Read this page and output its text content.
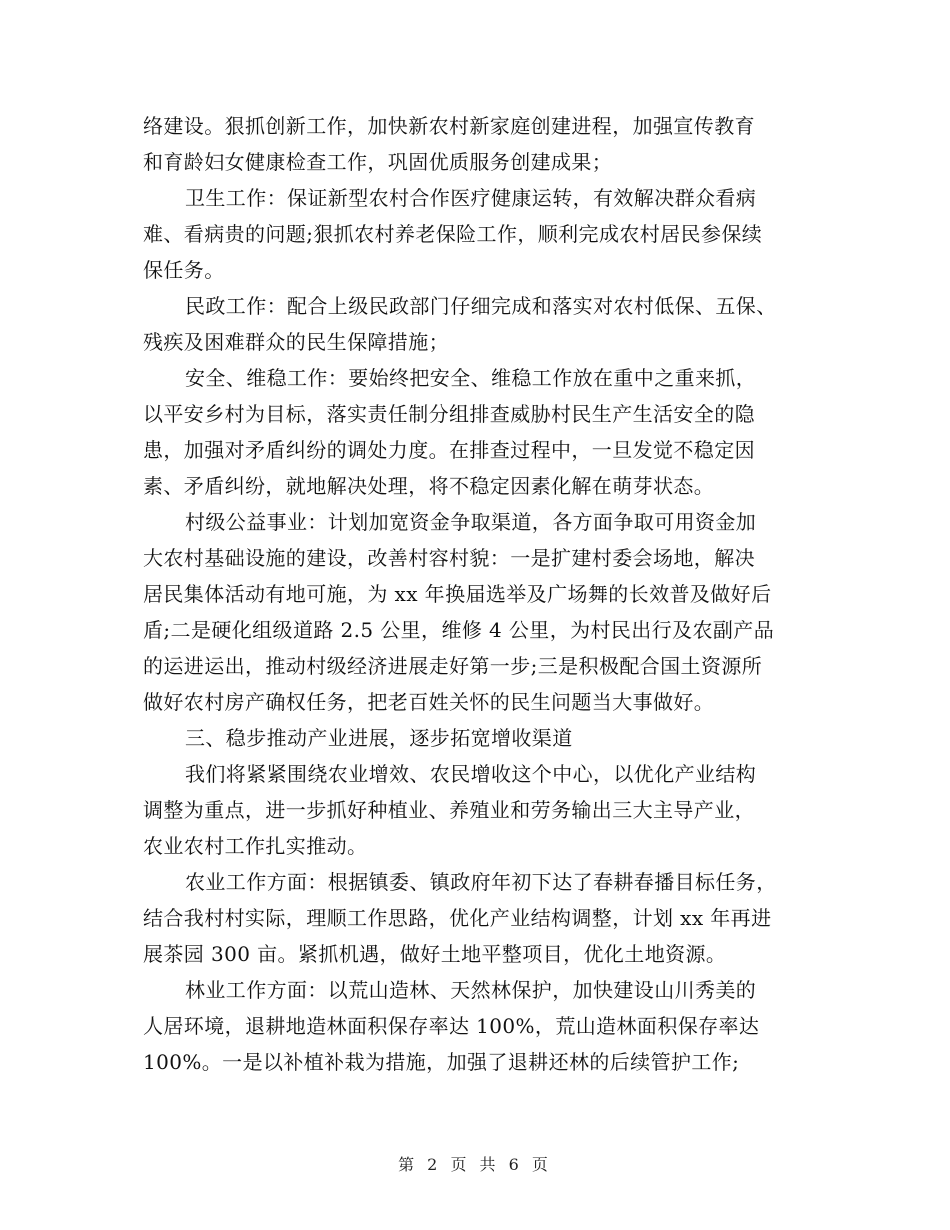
络建设。狠抓创新工作，加快新农村新家庭创建进程，加强宣传教育
和育龄妇女健康检查工作，巩固优质服务创建成果；
卫生工作：保证新型农村合作医疗健康运转，有效解决群众看病
难、看病贵的问题;狠抓农村养老保险工作，顺利完成农村居民参保续
保任务。
民政工作：配合上级民政部门仔细完成和落实对农村低保、五保、
残疾及困难群众的民生保障措施；
安全、维稳工作：要始终把安全、维稳工作放在重中之重来抓，
以平安乡村为目标，落实责任制分组排查威胁村民生产生活安全的隐
患，加强对矛盾纠纷的调处力度。在排查过程中，一旦发觉不稳定因
素、矛盾纠纷，就地解决处理，将不稳定因素化解在萌芽状态。
村级公益事业：计划加宽资金争取渠道，各方面争取可用资金加
大农村基础设施的建设，改善村容村貌：一是扩建村委会场地，解决
居民集体活动有地可施，为 xx 年换届选举及广场舞的长效普及做好后
盾;二是硬化组级道路 2.5 公里，维修 4 公里，为村民出行及农副产品
的运进运出，推动村级经济进展走好第一步;三是积极配合国土资源所
做好农村房产确权任务，把老百姓关怀的民生问题当大事做好。
三、稳步推动产业进展，逐步拓宽增收渠道
我们将紧紧围绕农业增效、农民增收这个中心，以优化产业结构
调整为重点，进一步抓好种植业、养殖业和劳务输出三大主导产业，
农业农村工作扎实推动。
农业工作方面：根据镇委、镇政府年初下达了春耕春播目标任务，
结合我村村实际，理顺工作思路，优化产业结构调整，计划 xx 年再进
展茶园 300 亩。紧抓机遇，做好土地平整项目，优化土地资源。
林业工作方面：以荒山造林、天然林保护，加快建设山川秀美的
人居环境，退耕地造林面积保存率达 100%，荒山造林面积保存率达
100%。一是以补植补栽为措施，加强了退耕还林的后续管护工作;
第 2 页 共 6 页
